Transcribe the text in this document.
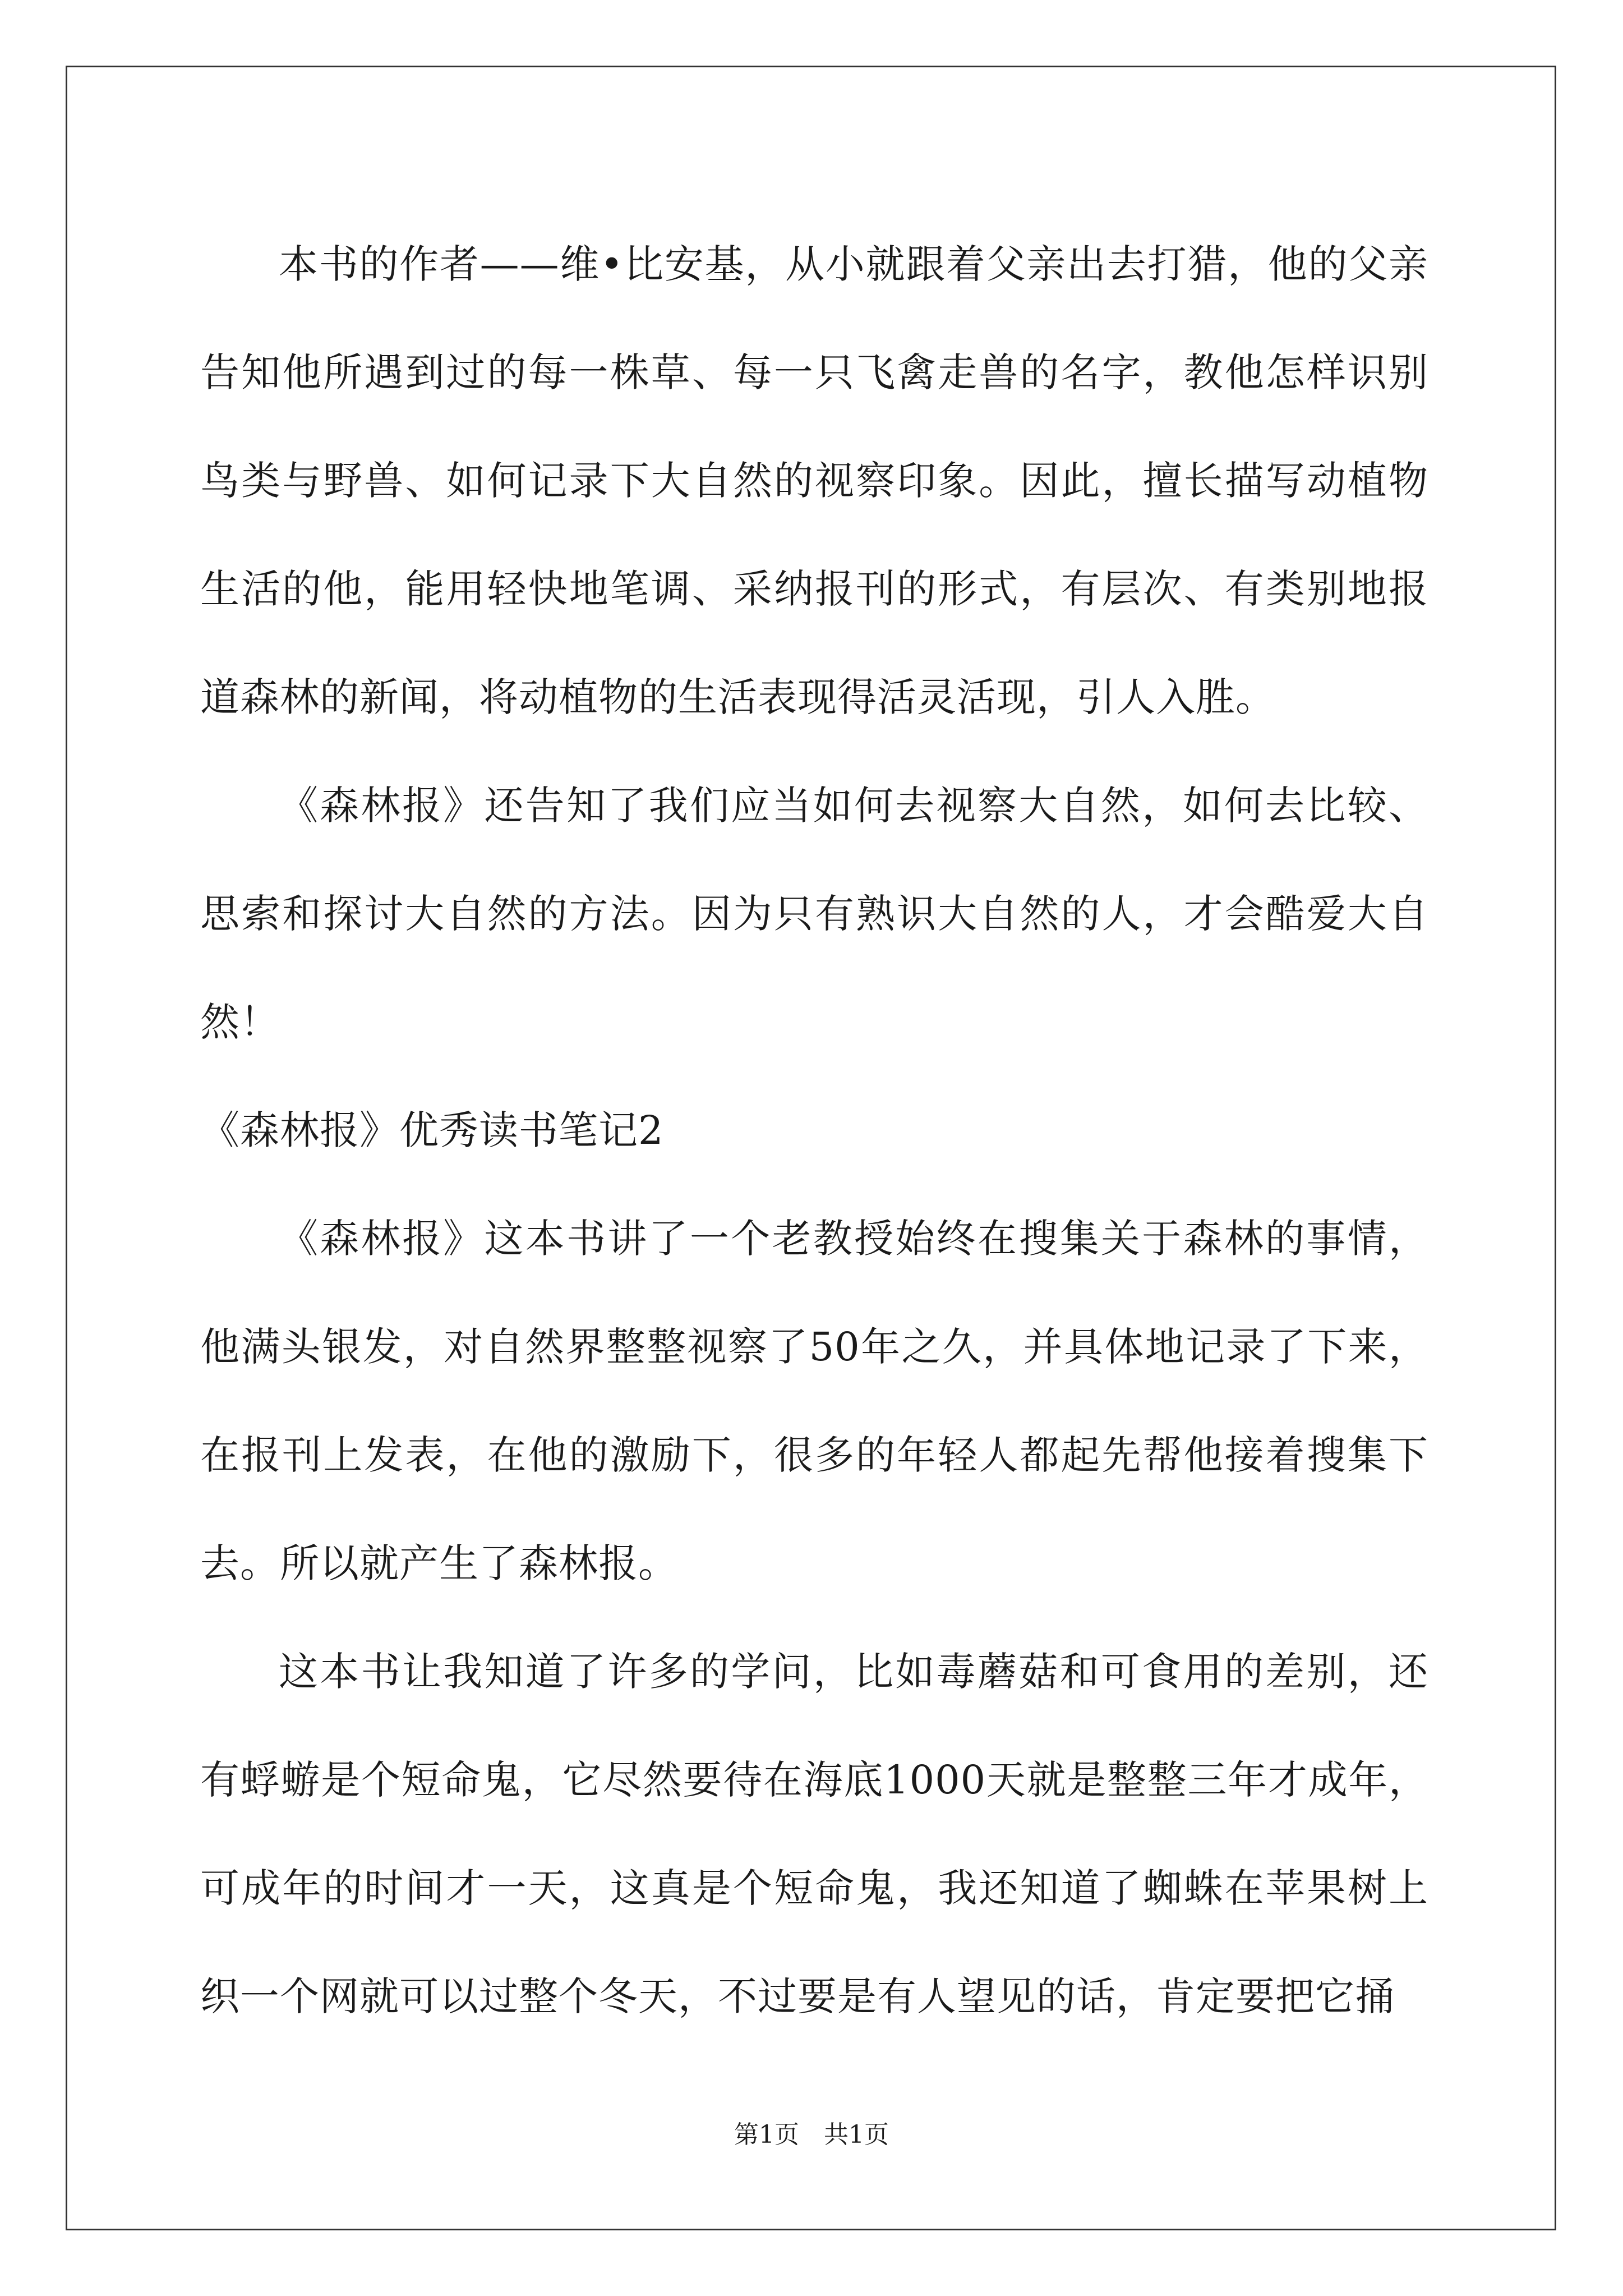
本书的作者——维•比安基，从小就跟着父亲出去打猎，他的父亲告知他所遇到过的每一株草、每一只飞禽走兽的名字，教他怎样识别鸟类与野兽、如何记录下大自然的视察印象。因此，擅长描写动植物生活的他，能用轻快地笔调、采纳报刊的形式，有层次、有类别地报道森林的新闻，将动植物的生活表现得活灵活现，引人入胜。

《森林报》还告知了我们应当如何去视察大自然，如何去比较、思索和探讨大自然的方法。因为只有熟识大自然的人，才会酷爱大自然！

《森林报》优秀读书笔记2

《森林报》这本书讲了一个老教授始终在搜集关于森林的事情，他满头银发，对自然界整整视察了50年之久，并具体地记录了下来，在报刊上发表，在他的激励下，很多的年轻人都起先帮他接着搜集下去。所以就产生了森林报。

这本书让我知道了许多的学问，比如毒蘑菇和可食用的差别，还有蜉蝣是个短命鬼，它尽然要待在海底1000天就是整整三年才成年，可成年的时间才一天，这真是个短命鬼，我还知道了蜘蛛在苹果树上织一个网就可以过整个冬天，不过要是有人望见的话，肯定要把它捅

第1页 共1页
